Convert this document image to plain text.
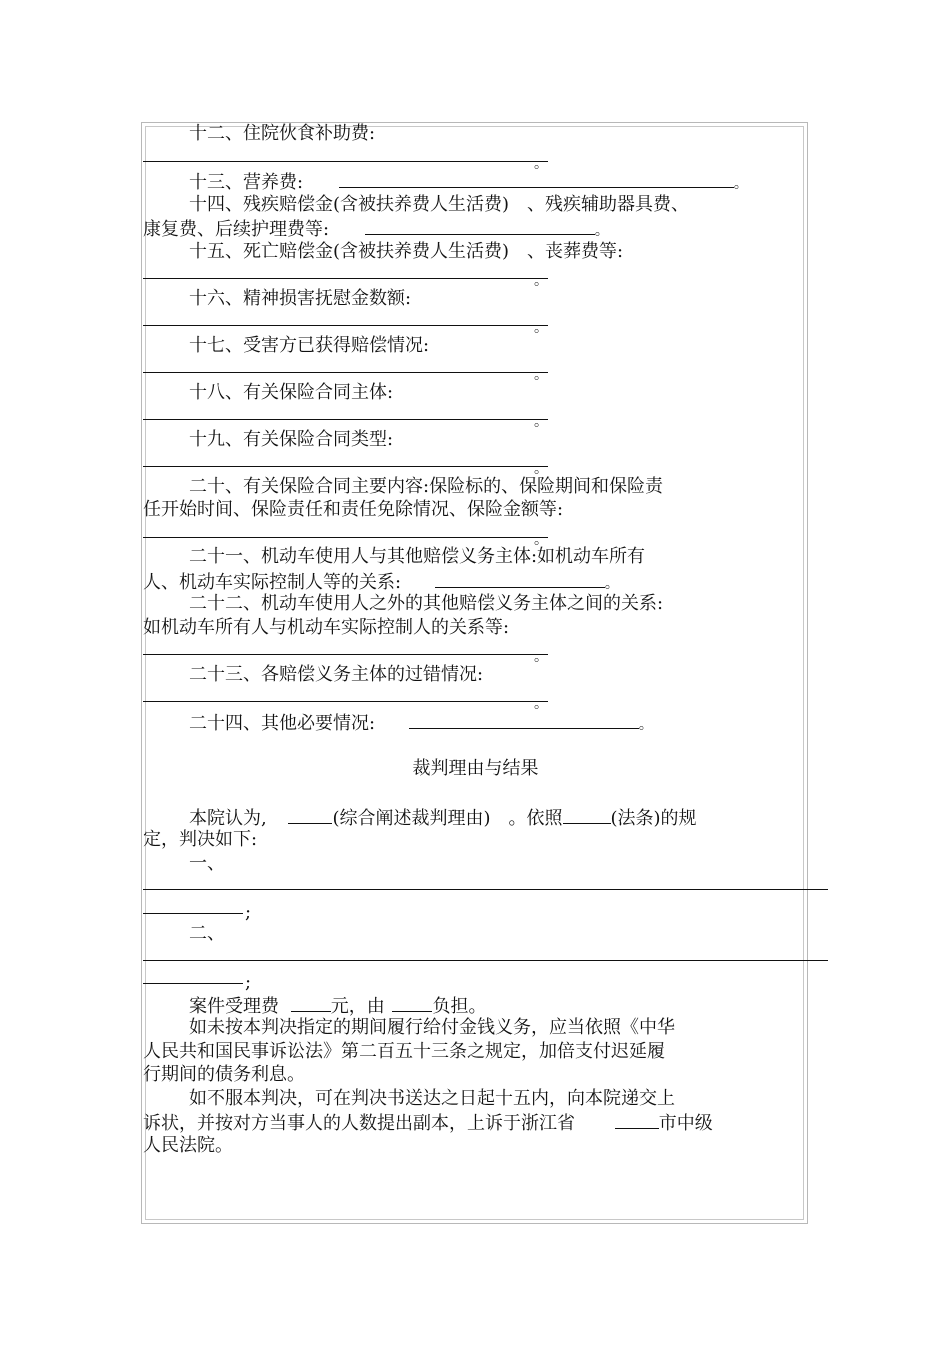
十二、住院伙食补助费:
。
十三、营养费:	。
十四、残疾赔偿金(含被扶养费人生活费)　、残疾辅助器具费、
康复费、后续护理费等:	。
十五、死亡赔偿金(含被扶养费人生活费)　、丧葬费等:
。
十六、精神损害抚慰金数额:
。
十七、受害方已获得赔偿情况:
。
十八、有关保险合同主体:
。
十九、有关保险合同类型:
。
二十、有关保险合同主要内容:保险标的、保险期间和保险责
任开始时间、保险责任和责任免除情况、保险金额等:
。
二十一、机动车使用人与其他赔偿义务主体:如机动车所有
人、机动车实际控制人等的关系:	。
二十二、机动车使用人之外的其他赔偿义务主体之间的关系:
如机动车所有人与机动车实际控制人的关系等:
。
二十三、各赔偿义务主体的过错情况:
。
二十四、其他必要情况:	。
裁判理由与结果
本院认为,	(综合阐述裁判理由)　。依照	(法条)的规
定，判决如下:
一、
;
二、
;
案件受理费	元，由	负担。
如未按本判决指定的期间履行给付金钱义务，应当依照《中华
人民共和国民事诉讼法》第二百五十三条之规定，加倍支付迟延履
行期间的债务利息。
如不服本判决，可在判决书送达之日起十五内，向本院递交上
诉状，并按对方当事人的人数提出副本，上诉于浙江省	市中级
人民法院。
